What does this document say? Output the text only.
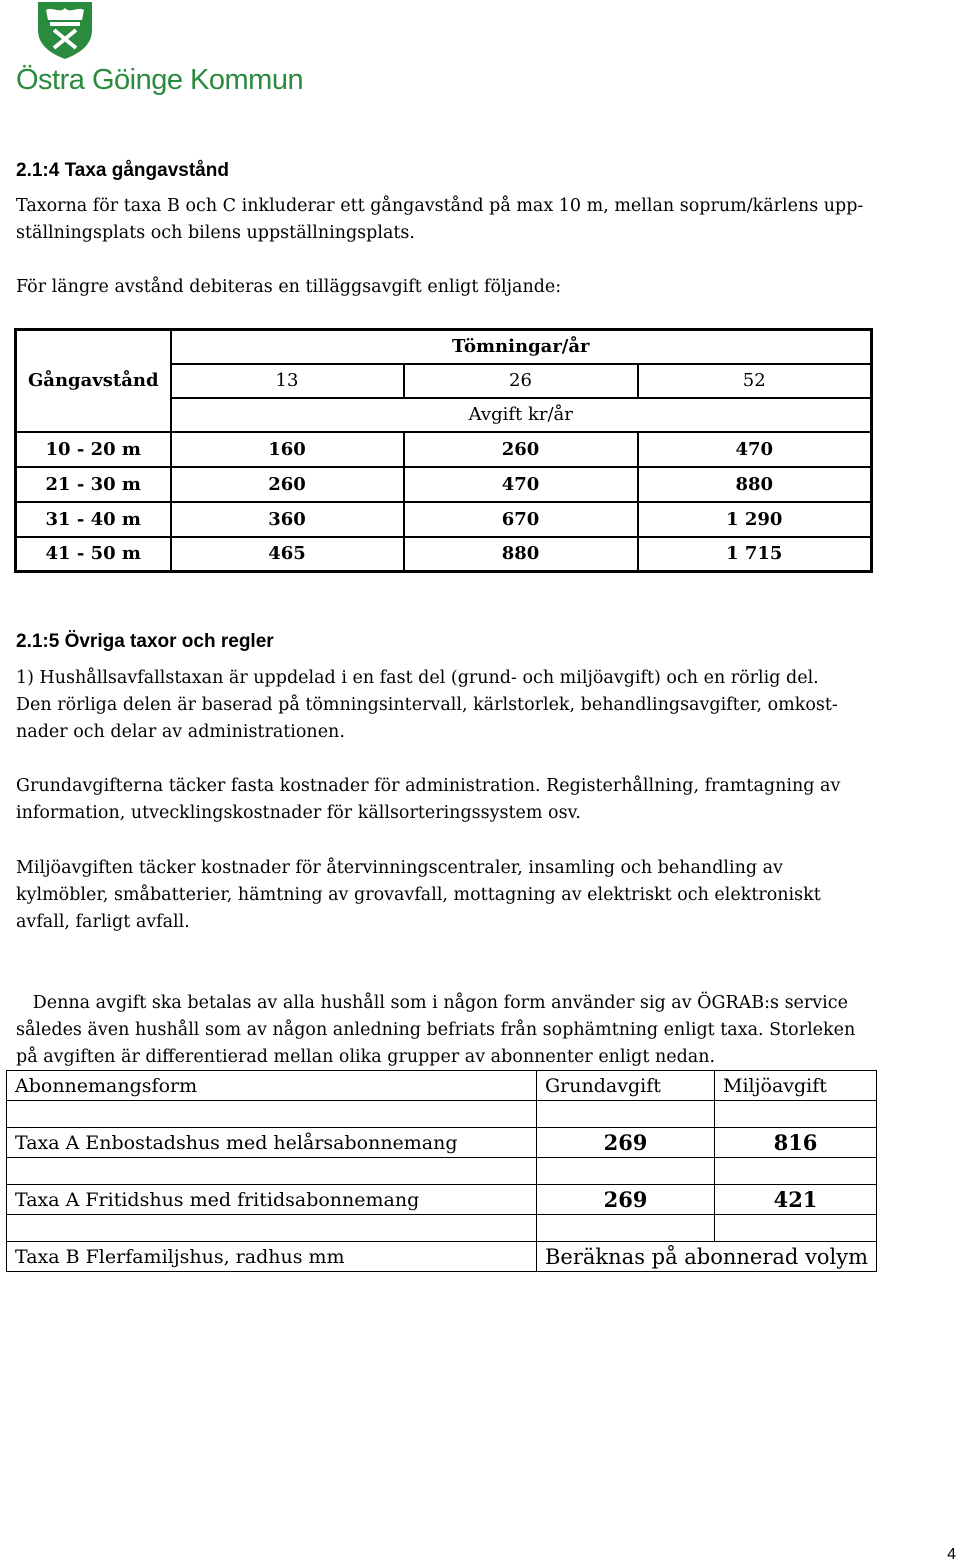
Östra Göinge Kommun
2.1:4 Taxa gångavstånd

Taxorna för taxa B och C inkluderar ett gångavstånd på max 10 m, mellan soprum/kärlens upp-
ställningsplats och bilens uppställningsplats.

För längre avstånd debiteras en tilläggsavgift enligt följande:

Gångavstånd	Tömningar/år		
	13	26	52
	Avgift kr/år		
10 - 20 m	160	260	470
21 - 30 m	260	470	880
31 - 40 m	360	670	1 290
41 - 50 m	465	880	1 715
2.1:5 Övriga taxor och regler

1) Hushållsavfallstaxan är uppdelad i en fast del (grund- och miljöavgift) och en rörlig del.
Den rörliga delen är baserad på tömningsintervall, kärlstorlek, behandlingsavgifter, omkost-
nader och delar av administrationen.

Grundavgifterna täcker fasta kostnader för administration. Registerhållning, framtagning av
information, utvecklingskostnader för källsorteringssystem osv.

Miljöavgiften täcker kostnader för återvinningscentraler, insamling och behandling av
kylmöbler, småbatterier, hämtning av grovavfall, mottagning av elektriskt och elektroniskt
avfall, farligt avfall.

Denna avgift ska betalas av alla hushåll som i någon form använder sig av ÖGRAB:s service
således även hushåll som av någon anledning befriats från sophämtning enligt taxa. Storleken
på avgiften är differentierad mellan olika grupper av abonnenter enligt nedan.

Abonnemangsform	Grundavgift	Miljöavgift

Taxa A Enbostadshus med helårsabonnemang	269	816

Taxa A Fritidshus med fritidsabonnemang	269	421

Taxa B Flerfamiljshus, radhus mm	Beräknas på abonnerad volym	
4
